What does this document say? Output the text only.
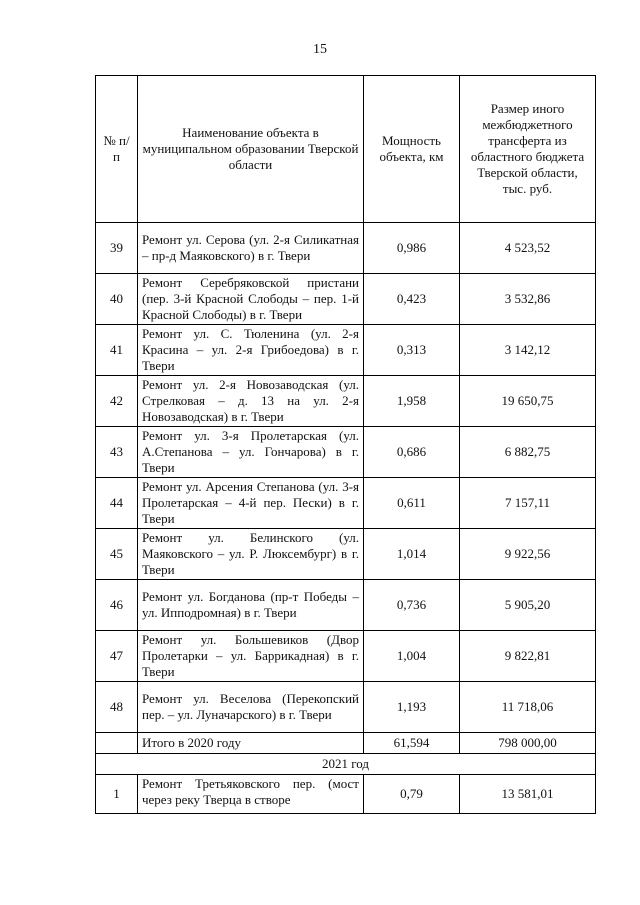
15
№ п/п	Наименование объекта в муниципальном образовании Тверской области	Мощность объекта, км	Размер иного межбюджетного трансферта из областного бюджета Тверской области, тыс. руб.
39	Ремонт ул. Серова (ул. 2-я Силикатная – пр-д Маяковского) в г. Твери	0,986	4 523,52
40	Ремонт Серебряковской пристани (пер. 3-й Красной Слободы – пер. 1-й Красной Слободы) в г. Твери	0,423	3 532,86
41	Ремонт ул. С. Тюленина (ул. 2-я Красина – ул. 2-я Грибоедова) в г. Твери	0,313	3 142,12
42	Ремонт ул. 2-я Новозаводская (ул. Стрелковая – д. 13 на ул. 2-я Новозаводская) в г. Твери	1,958	19 650,75
43	Ремонт ул. 3-я Пролетарская (ул. А.Степанова – ул. Гончарова) в г. Твери	0,686	6 882,75
44	Ремонт ул. Арсения Степанова (ул. 3-я Пролетарская – 4-й пер. Пески) в г. Твери	0,611	7 157,11
45	Ремонт ул. Белинского (ул. Маяковского – ул. Р. Люксембург) в г. Твери	1,014	9 922,56
46	Ремонт ул. Богданова (пр-т Победы – ул. Ипподромная) в г. Твери	0,736	5 905,20
47	Ремонт ул. Большевиков (Двор Пролетарки – ул. Баррикадная) в г. Твери	1,004	9 822,81
48	Ремонт ул. Веселова (Перекопский пер. – ул. Луначарского) в г. Твери	1,193	11 718,06
	Итого в 2020 году	61,594	798 000,00
2021 год			
1	Ремонт Третьяковского пер. (мост через реку Тверца в створе	0,79	13 581,01
